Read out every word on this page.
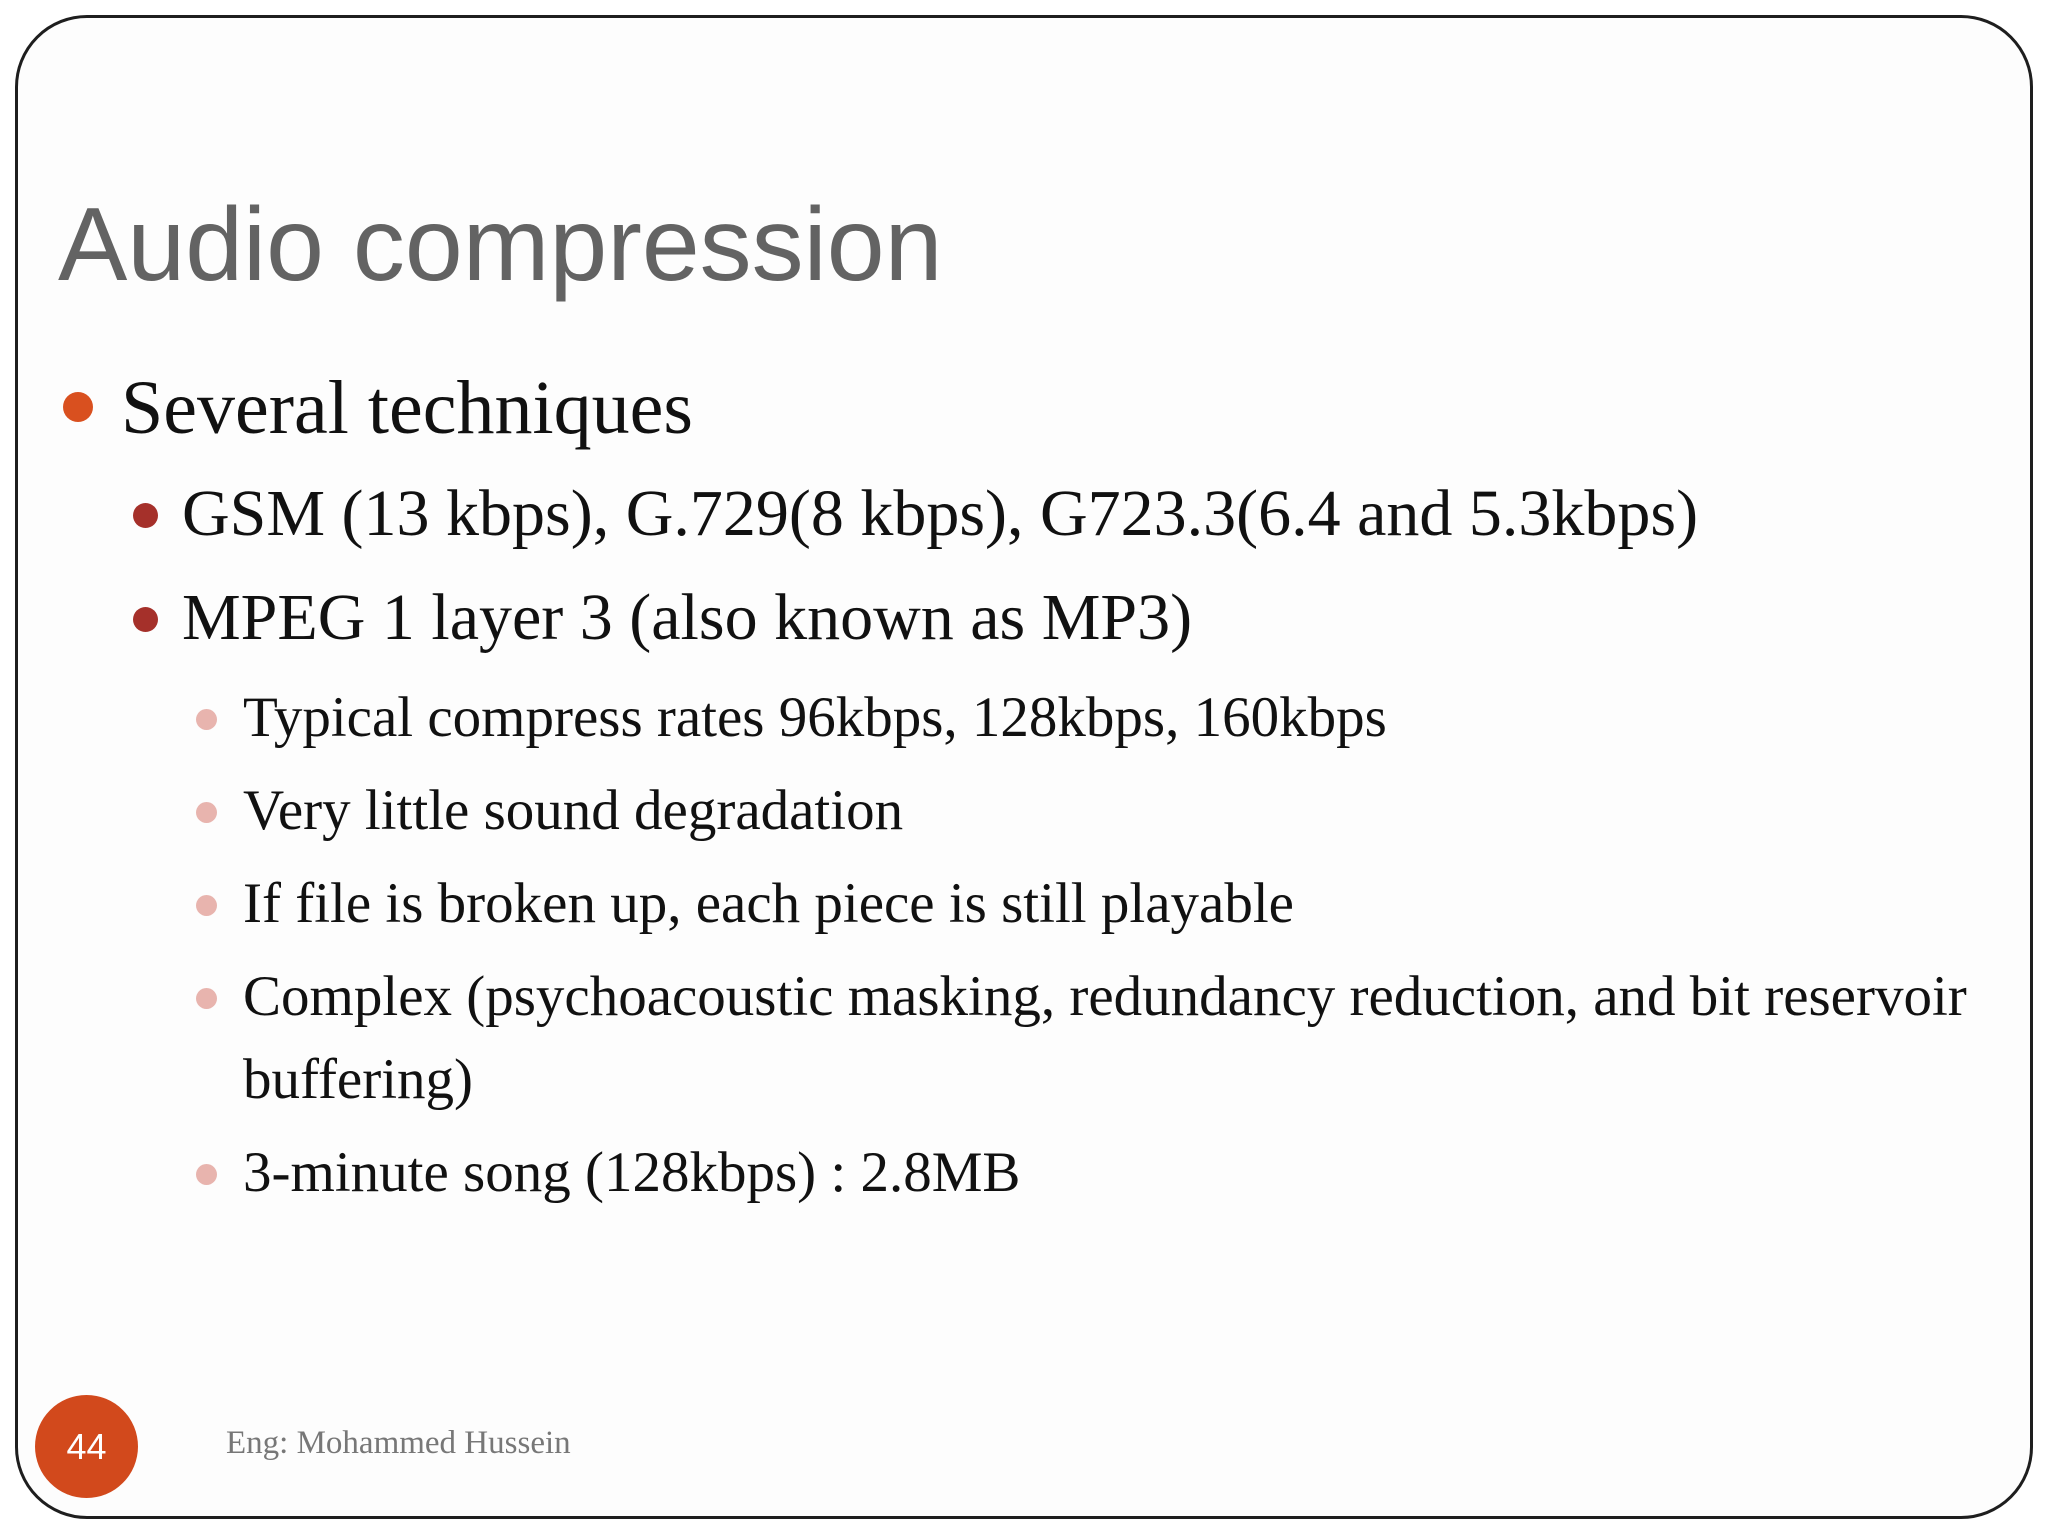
Audio compression
Several techniques
GSM (13 kbps), G.729(8 kbps), G723.3(6.4 and 5.3kbps)
MPEG 1 layer 3 (also known as MP3)
Typical compress rates 96kbps, 128kbps, 160kbps
Very little sound degradation
If file is broken up, each piece is still playable
Complex (psychoacoustic masking, redundancy reduction, and bit reservoir buffering)
3-minute song (128kbps) : 2.8MB
44	Eng: Mohammed Hussein
